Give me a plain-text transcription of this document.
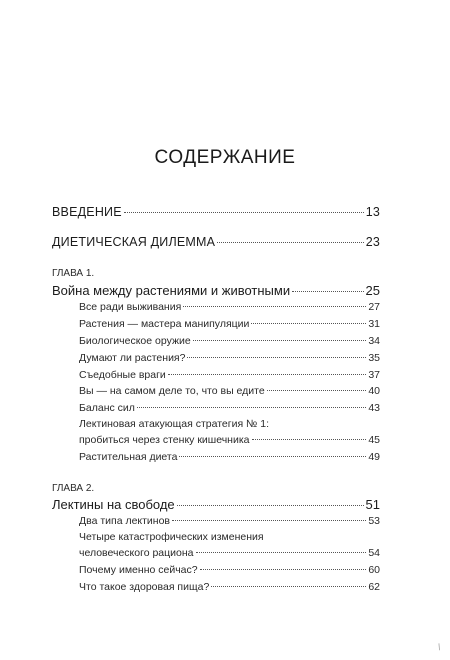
СОДЕРЖАНИЕ
ВВЕДЕНИЕ	13
ДИЕТИЧЕСКАЯ ДИЛЕММА	23
ГЛАВА 1.
Война между растениями и животными	25
Все ради выживания	27
Растения — мастера манипуляции	31
Биологическое оружие	34
Думают ли растения?	35
Съедобные враги	37
Вы — на самом деле то, что вы едите	40
Баланс сил	43
Лектиновая атакующая стратегия № 1:
пробиться через стенку кишечника	45
Растительная диета	49
ГЛАВА 2.
Лектины на свободе	51
Два типа лектинов	53
Четыре катастрофических изменения
человеческого рациона	54
Почему именно сейчас?	60
Что такое здоровая пища?	62
/
